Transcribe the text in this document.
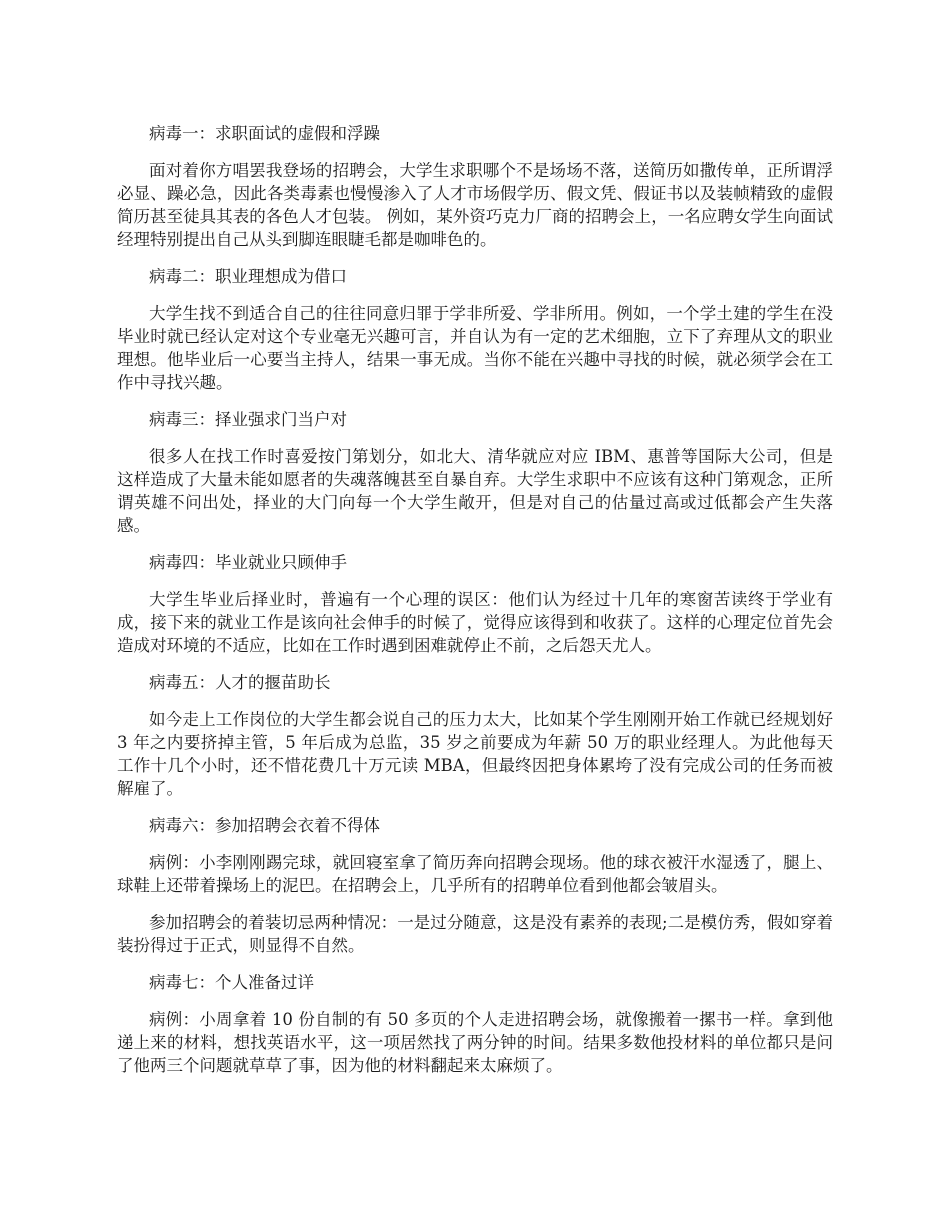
病毒一：求职面试的虚假和浮躁

面对着你方唱罢我登场的招聘会，大学生求职哪个不是场场不落，送简历如撒传单，正所谓浮必显、躁必急，因此各类毒素也慢慢渗入了人才市场假学历、假文凭、假证书以及装帧精致的虚假简历甚至徒具其表的各色人才包装。 例如，某外资巧克力厂商的招聘会上，一名应聘女学生向面试经理特别提出自己从头到脚连眼睫毛都是咖啡色的。

病毒二：职业理想成为借口

大学生找不到适合自己的往往同意归罪于学非所爱、学非所用。例如，一个学土建的学生在没毕业时就已经认定对这个专业毫无兴趣可言，并自认为有一定的艺术细胞，立下了弃理从文的职业理想。他毕业后一心要当主持人，结果一事无成。当你不能在兴趣中寻找的时候，就必须学会在工作中寻找兴趣。

病毒三：择业强求门当户对

很多人在找工作时喜爱按门第划分，如北大、清华就应对应 IBM、惠普等国际大公司，但是这样造成了大量未能如愿者的失魂落魄甚至自暴自弃。大学生求职中不应该有这种门第观念，正所谓英雄不问出处，择业的大门向每一个大学生敞开，但是对自己的估量过高或过低都会产生失落感。

病毒四：毕业就业只顾伸手

大学生毕业后择业时，普遍有一个心理的误区：他们认为经过十几年的寒窗苦读终于学业有成，接下来的就业工作是该向社会伸手的时候了，觉得应该得到和收获了。这样的心理定位首先会造成对环境的不适应，比如在工作时遇到困难就停止不前，之后怨天尤人。

病毒五：人才的揠苗助长

如今走上工作岗位的大学生都会说自己的压力太大，比如某个学生刚刚开始工作就已经规划好 3 年之内要挤掉主管，5 年后成为总监，35 岁之前要成为年薪 50 万的职业经理人。为此他每天工作十几个小时，还不惜花费几十万元读 MBA，但最终因把身体累垮了没有完成公司的任务而被解雇了。

病毒六：参加招聘会衣着不得体

病例：小李刚刚踢完球，就回寝室拿了简历奔向招聘会现场。他的球衣被汗水湿透了，腿上、球鞋上还带着操场上的泥巴。在招聘会上，几乎所有的招聘单位看到他都会皱眉头。

参加招聘会的着装切忌两种情况：一是过分随意，这是没有素养的表现;二是模仿秀，假如穿着装扮得过于正式，则显得不自然。

病毒七：个人准备过详

病例：小周拿着 10 份自制的有 50 多页的个人走进招聘会场，就像搬着一摞书一样。拿到他递上来的材料，想找英语水平，这一项居然找了两分钟的时间。结果多数他投材料的单位都只是问了他两三个问题就草草了事，因为他的材料翻起来太麻烦了。
